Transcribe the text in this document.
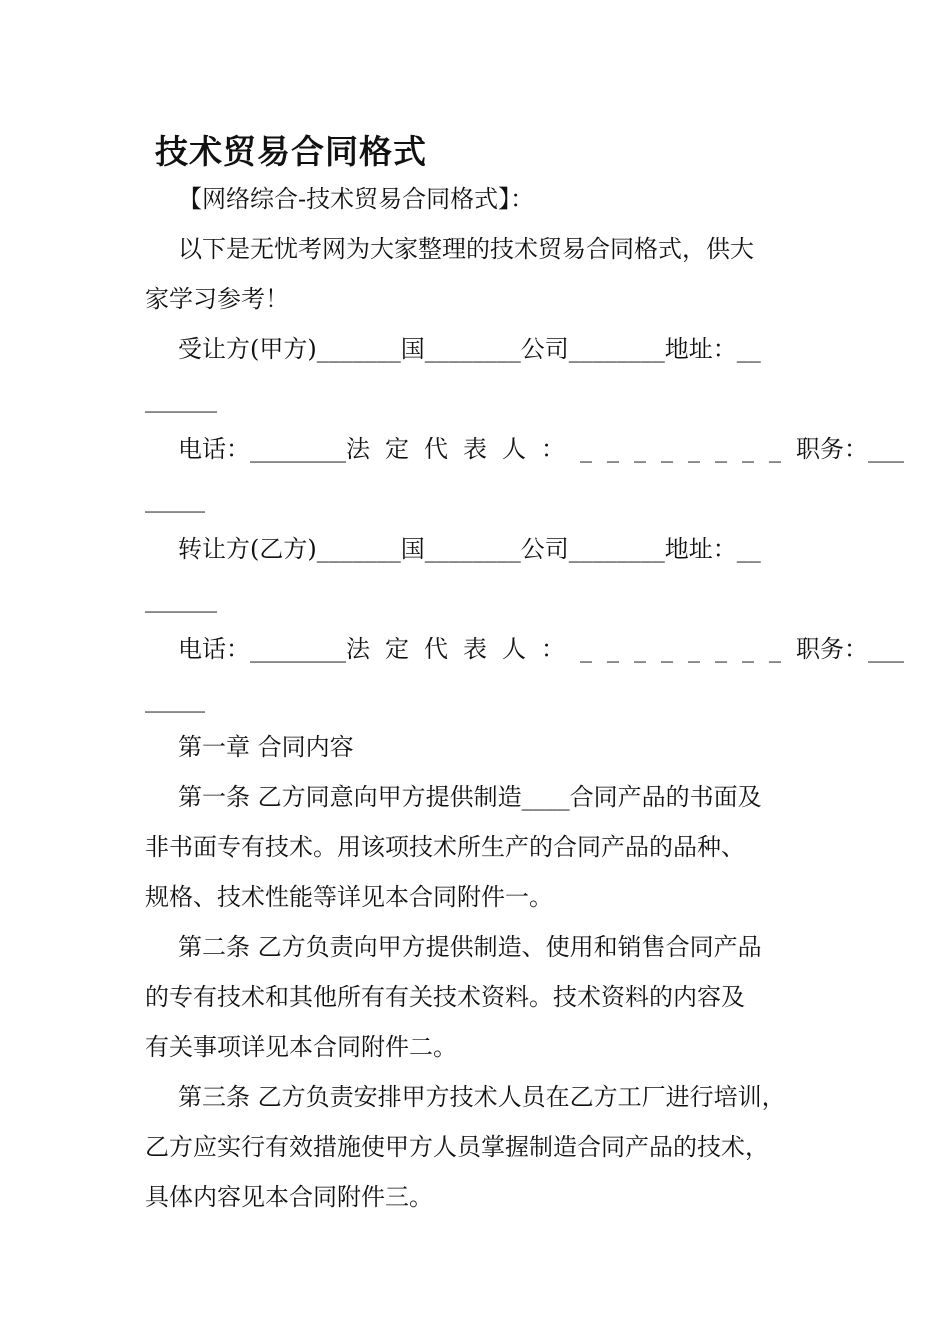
技术贸易合同格式
【网络综合-技术贸易合同格式】：
以下是无忧考网为大家整理的技术贸易合同格式，供大
家学习参考！
受让方(甲方)_______国________公司________地址：__
______
电话：________ 法定代表人：________ 职务：___
_____
转让方(乙方)_______国________公司________地址：__
______
电话：________ 法定代表人：________ 职务：___
_____
第一章 合同内容
第一条 乙方同意向甲方提供制造____合同产品的书面及
非书面专有技术。用该项技术所生产的合同产品的品种、
规格、技术性能等详见本合同附件一。
第二条 乙方负责向甲方提供制造、使用和销售合同产品
的专有技术和其他所有有关技术资料。技术资料的内容及
有关事项详见本合同附件二。
第三条 乙方负责安排甲方技术人员在乙方工厂进行培训，
乙方应实行有效措施使甲方人员掌握制造合同产品的技术，
具体内容见本合同附件三。
